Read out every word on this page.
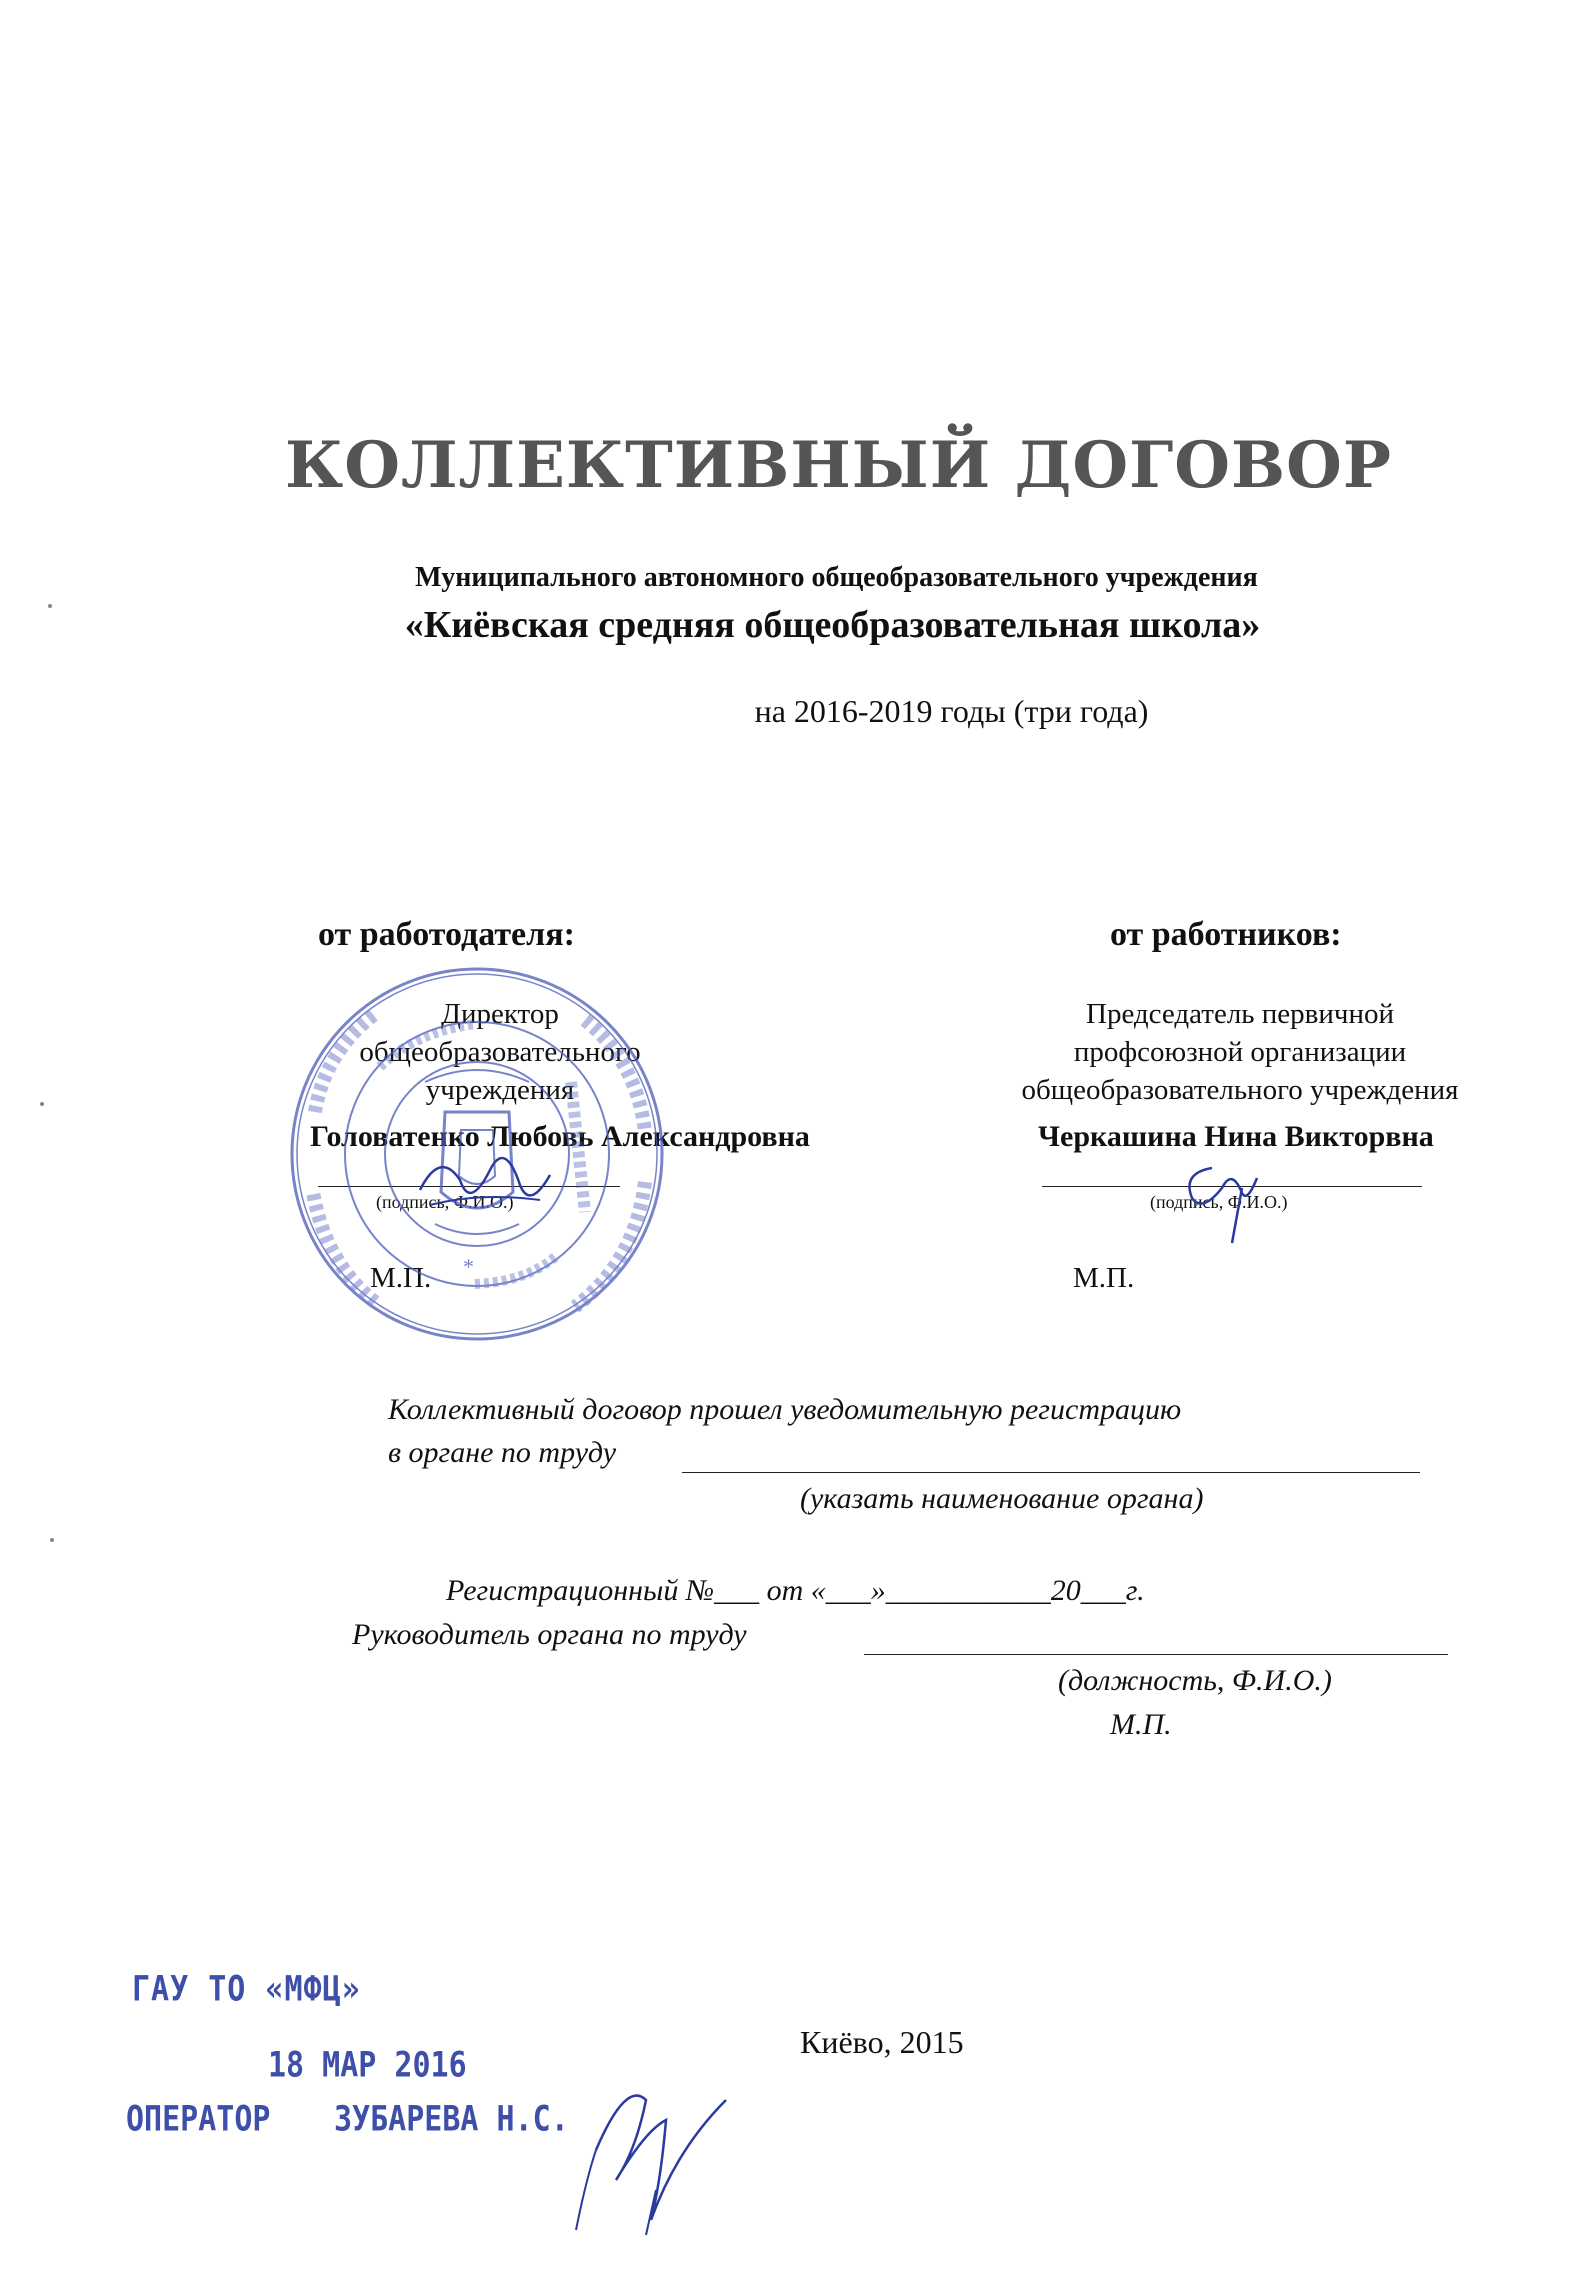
КОЛЛЕКТИВНЫЙ ДОГОВОР
Муниципального автономного общеобразовательного учреждения
«Киёвская средняя общеобразовательная школа»
на 2016-2019 годы (три года)
от работодателя:
Директор
общеобразовательного
учреждения
Головатенко Любовь Александровна
(подпись, Ф.И.О.)
М.П.
от работников:
Председатель первичной
профсоюзной организации
общеобразовательного учреждения
Черкашина Нина Викторвна
(подпись, Ф.И.О.)
М.П.
*
Коллективный договор прошел уведомительную регистрацию
в органе по труду
(указать наименование органа)
Регистрационный №___ от «___»___________20___г.
Руководитель органа по труду
(должность, Ф.И.О.)
М.П.
Киёво, 2015
ГАУ ТО «МФЦ»
18 МАР 2016
ОПЕРАТОР ЗУБАРЕВА Н.С.
